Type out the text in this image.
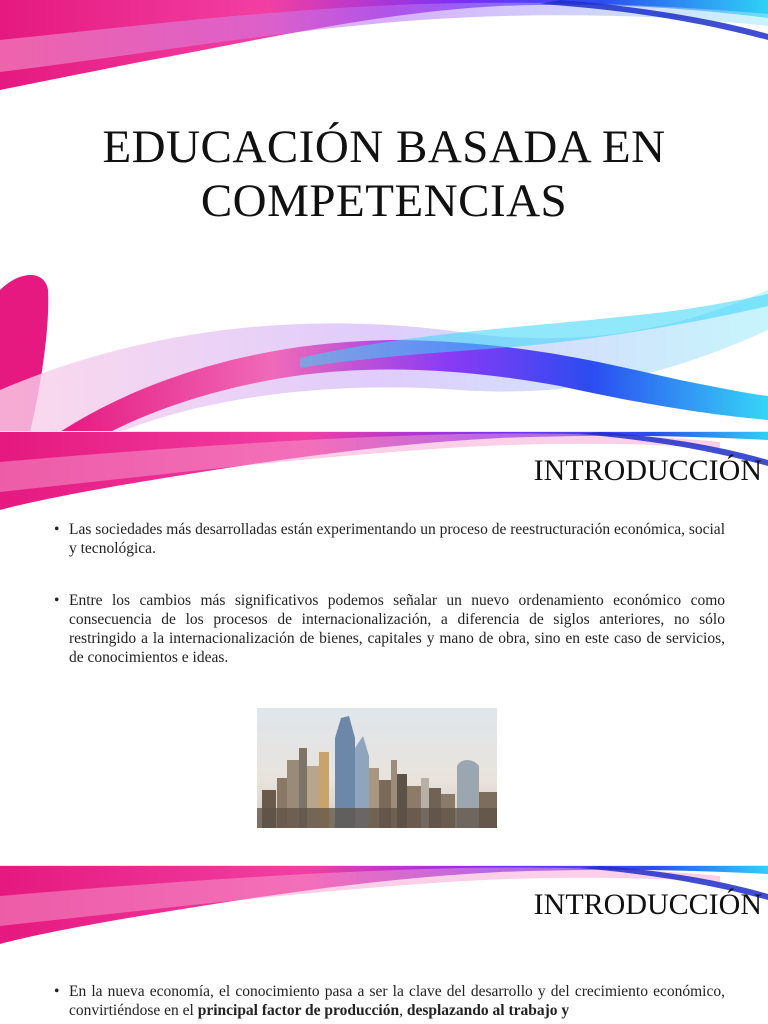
EDUCACIÓN BASADA EN
COMPETENCIAS
INTRODUCCIÓN
• Las sociedades más desarrolladas están experimentando un proceso de reestructuración económica, social y tecnológica.
• Entre los cambios más significativos podemos señalar un nuevo ordenamiento económico como consecuencia de los procesos de internacionalización, a diferencia de siglos anteriores, no sólo restringido a la internacionalización de bienes, capitales y mano de obra, sino en este caso de servicios, de conocimientos e ideas.
INTRODUCCIÓN
• En la nueva economía, el conocimiento pasa a ser la clave del desarrollo y del crecimiento económico, convirtiéndose en el principal factor de producción, desplazando al trabajo y
